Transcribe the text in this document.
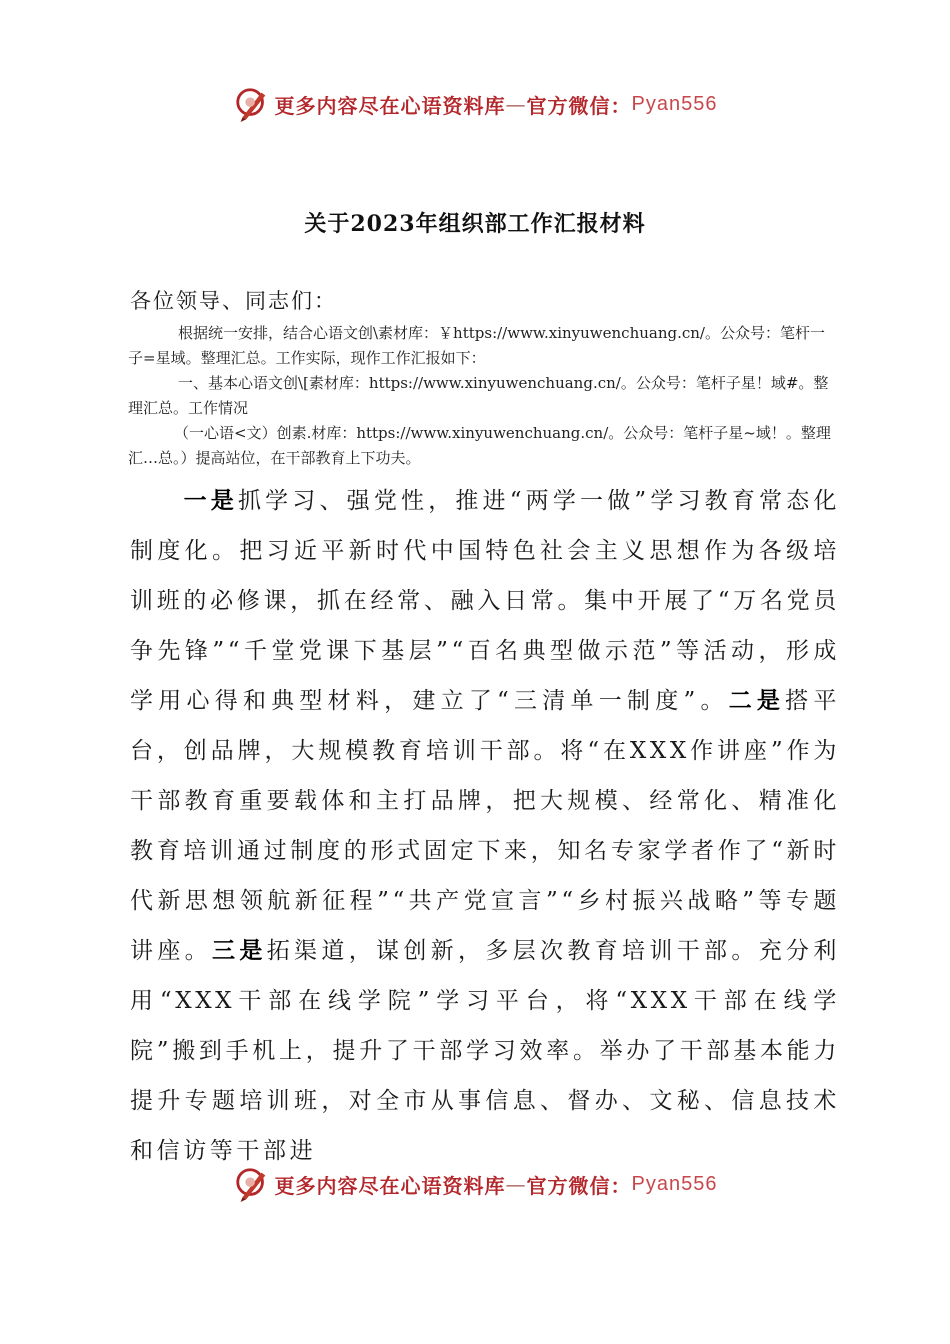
更多内容尽在心语资料库 — 官方微信： Pyan556
关于2023年组织部工作汇报材料
各位领导、同志们：

根据统一安排，结合心语文创\素材库：￥https://www.xinyuwenchuang.cn/。公众号：笔杆一子=星域。整理汇总。工作实际，现作工作汇报如下：

一、基本心语文创\[素材库：https://www.xinyuwenchuang.cn/。公众号：笔杆子星！域#。整理汇总。工作情况

（一心语<文）创素.材库：https://www.xinyuwenchuang.cn/。公众号：笔杆子星~域！。整理汇…总。）提高站位，在干部教育上下功夫。

一是抓学习、强党性，推进“两学一做”学习教育常态化制度化。把习近平新时代中国特色社会主义思想作为各级培训班的必修课，抓在经常、融入日常。集中开展了“万名党员争先锋”“千堂党课下基层”“百名典型做示范”等活动，形成学用心得和典型材料，建立了“三清单一制度”。二是搭平台，创品牌，大规模教育培训干部。将“在XXX作讲座”作为干部教育重要载体和主打品牌，把大规模、经常化、精准化教育培训通过制度的形式固定下来，知名专家学者作了“新时代新思想领航新征程”“共产党宣言”“乡村振兴战略”等专题讲座。三是拓渠道，谋创新，多层次教育培训干部。充分利用“XXX干部在线学院”学习平台，将“XXX干部在线学院”搬到手机上，提升了干部学习效率。举办了干部基本能力提升专题培训班，对全市从事信息、督办、文秘、信息技术和信访等干部进

更多内容尽在心语资料库 — 官方微信： Pyan556
